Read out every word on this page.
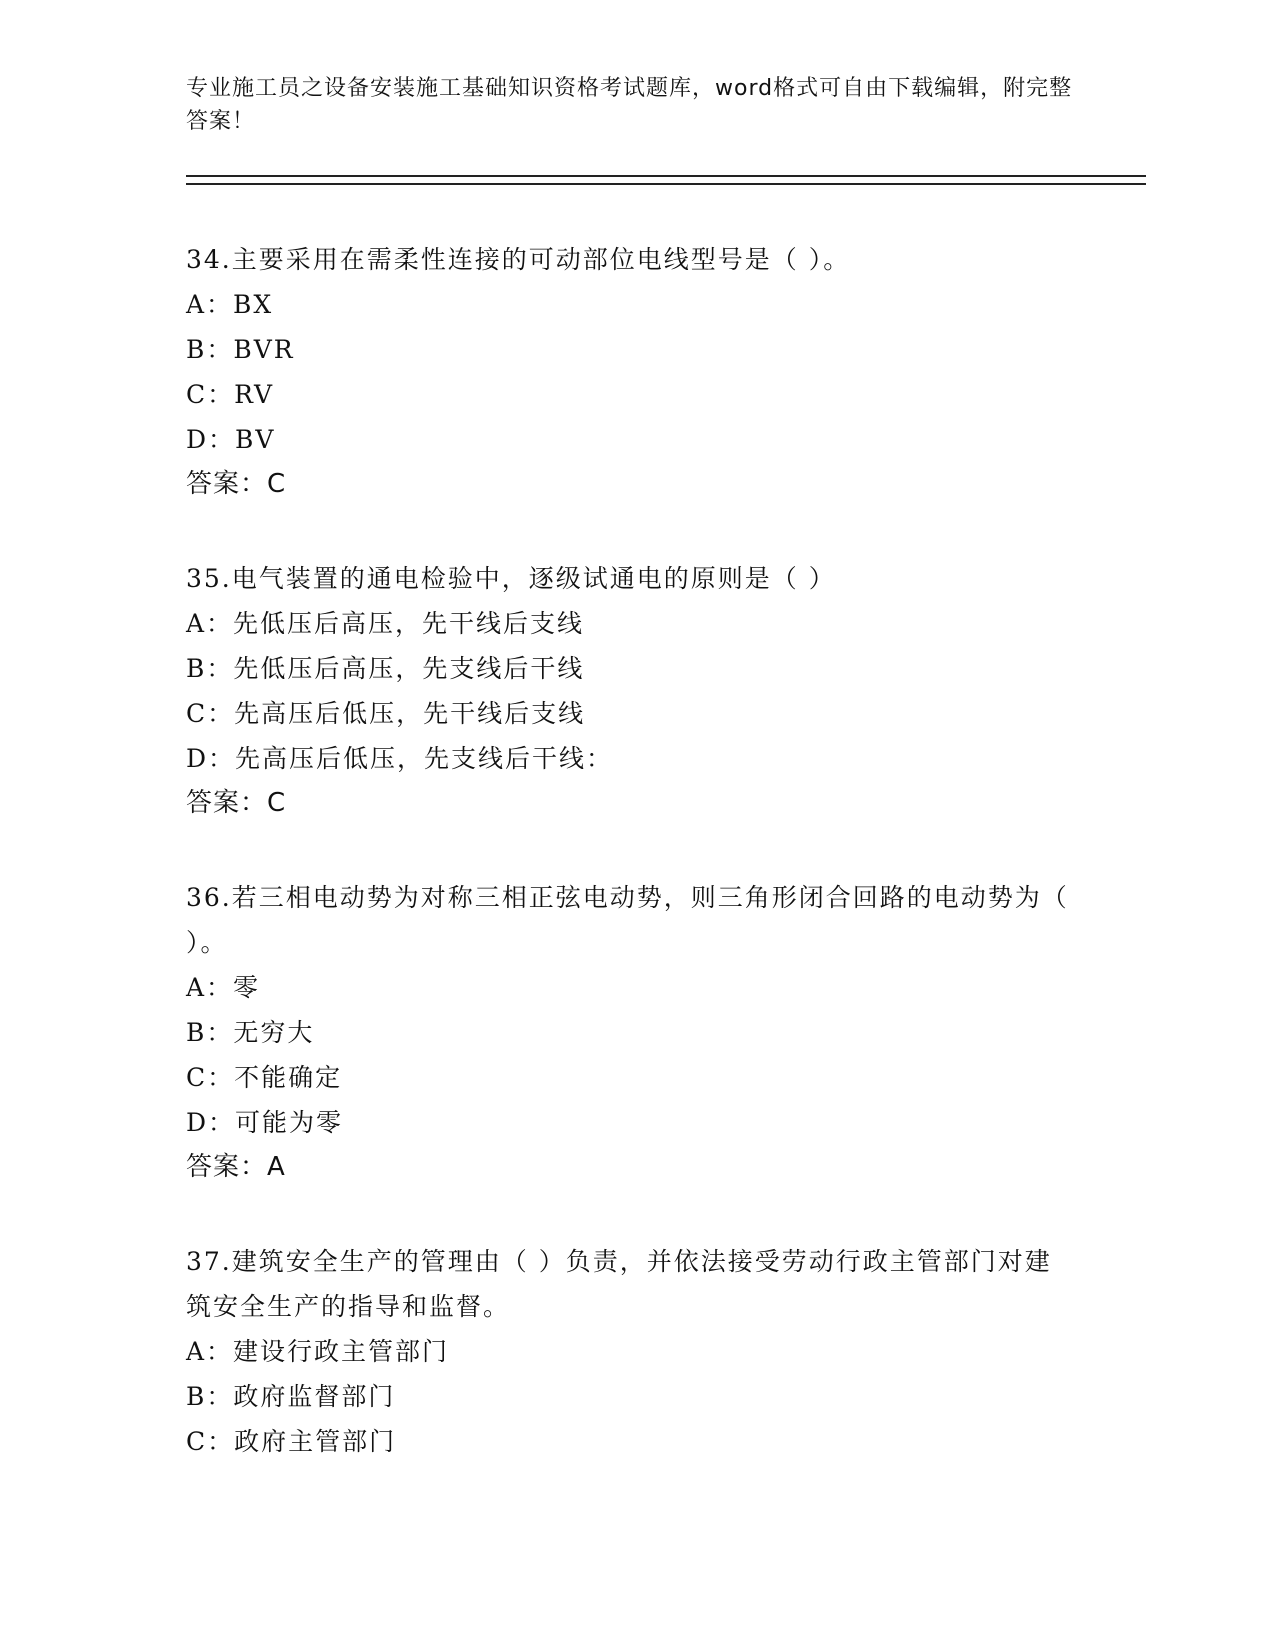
专业施工员之设备安装施工基础知识资格考试题库，word格式可自由下载编辑，附完整答案！

34.主要采用在需柔性连接的可动部位电线型号是（ ）。

A：BX

B：BVR

C：RV

D：BV

答案：C

35.电气装置的通电检验中，逐级试通电的原则是（ ）

A：先低压后高压，先干线后支线

B：先低压后高压，先支线后干线

C：先高压后低压，先干线后支线

D：先高压后低压，先支线后干线：

答案：C

36.若三相电动势为对称三相正弦电动势，则三角形闭合回路的电动势为（ ）。

A：零

B：无穷大

C：不能确定

D：可能为零

答案：A

37.建筑安全生产的管理由（ ）负责，并依法接受劳动行政主管部门对建筑安全生产的指导和监督。

A：建设行政主管部门

B：政府监督部门

C：政府主管部门
